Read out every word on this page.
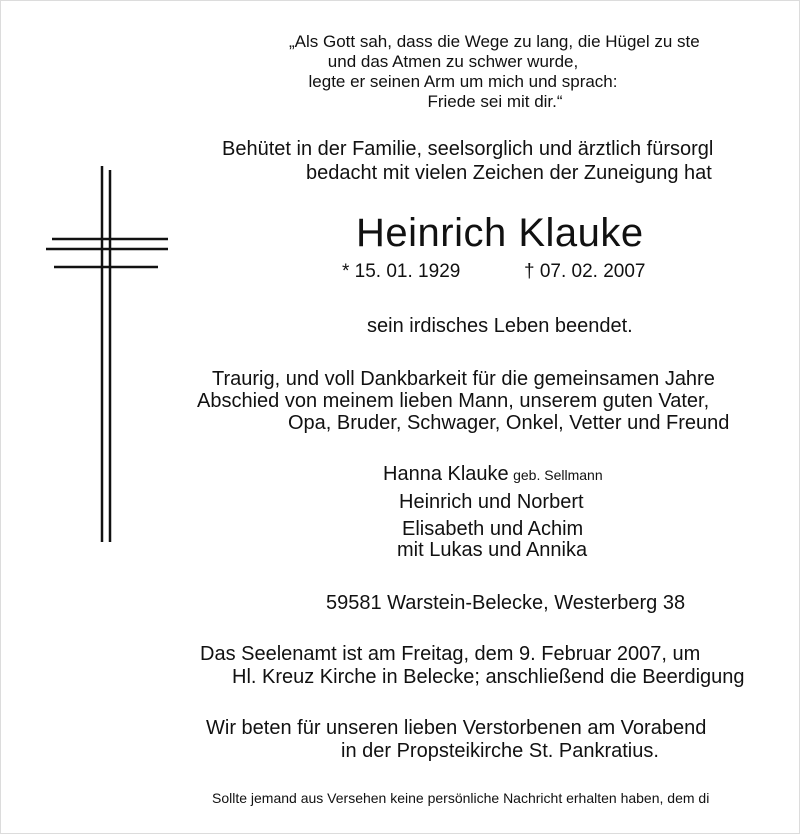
„Als Gott sah, dass die Wege zu lang, die Hügel zu ste
und das Atmen zu schwer wurde,
legte er seinen Arm um mich und sprach:
Friede sei mit dir.“
Behütet in der Familie, seelsorglich und ärztlich fürsorgl
bedacht mit vielen Zeichen der Zuneigung hat
Heinrich Klauke
* 15. 01. 1929	† 07. 02. 2007
sein irdisches Leben beendet.
Traurig, und voll Dankbarkeit für die gemeinsamen Jahre
Abschied von meinem lieben Mann, unserem guten Vater,
Opa, Bruder, Schwager, Onkel, Vetter und Freund
Hanna Klauke geb. Sellmann
Heinrich und Norbert
Elisabeth und Achim
mit Lukas und Annika
59581 Warstein-Belecke, Westerberg 38
Das Seelenamt ist am Freitag, dem 9. Februar 2007, um
Hl. Kreuz Kirche in Belecke; anschließend die Beerdigung
Wir beten für unseren lieben Verstorbenen am Vorabend
in der Propsteikirche St. Pankratius.
Sollte jemand aus Versehen keine persönliche Nachricht erhalten haben, dem di
